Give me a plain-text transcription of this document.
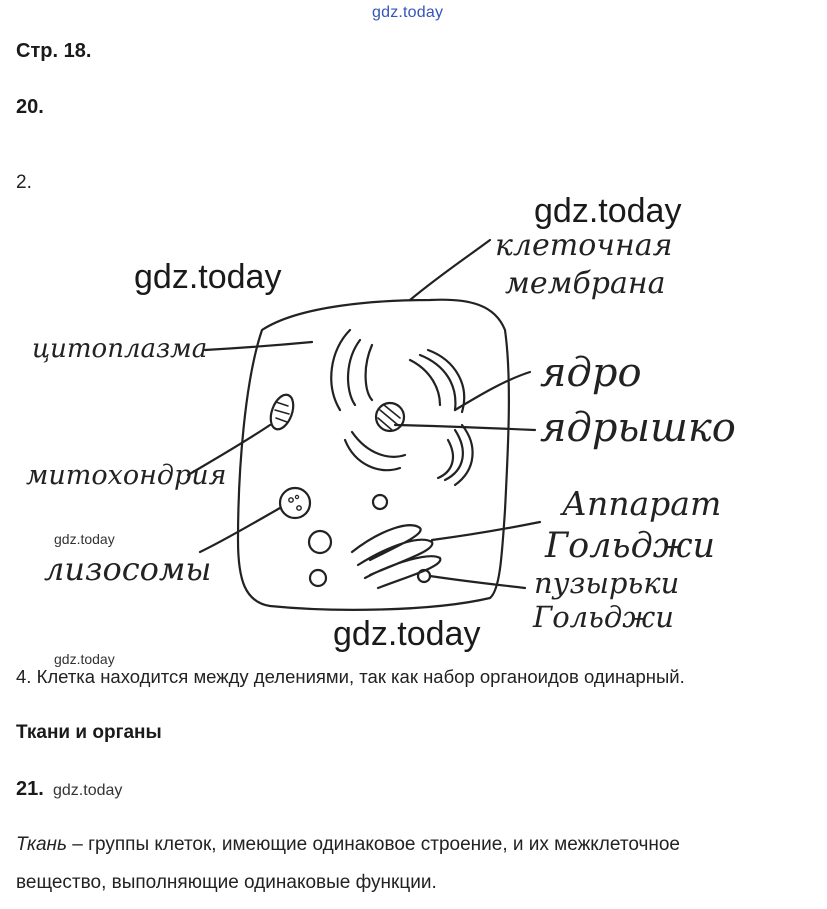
gdz.today
Стр. 18.
20.
2.
клеточная
мембрана
цитоплазма
ядро
ядрышко
митохондрия
лизосомы
Аппарат
Гольджи
пузырьки
Гольджи
gdz.today
gdz.today
gdz.today
gdz.today
gdz.today
4. Клетка находится между делениями, так как набор органоидов одинарный.
Ткани и органы
21. gdz.today
Ткань – группы клеток, имеющие одинаковое строение, и их межклеточное
вещество, выполняющие одинаковые функции.
